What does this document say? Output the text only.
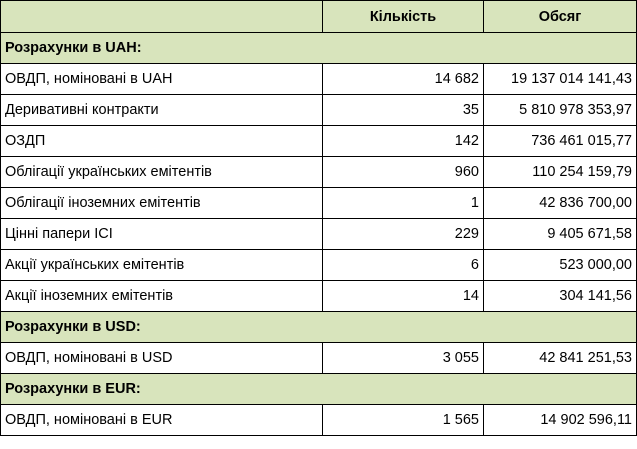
	Кількість	Обсяг
Розрахунки в UAH:		
ОВДП, номіновані в UAH	14 682	19 137 014 141,43
Деривативні контракти	35	5 810 978 353,97
ОЗДП	142	736 461 015,77
Облігації українських емітентів	960	110 254 159,79
Облігації іноземних емітентів	1	42 836 700,00
Цінні папери ІСІ	229	9 405 671,58
Акції українських емітентів	6	523 000,00
Акції іноземних емітентів	14	304 141,56
Розрахунки в USD:		
ОВДП, номіновані в USD	3 055	42 841 251,53
Розрахунки в EUR:		
ОВДП, номіновані в EUR	1 565	14 902 596,11
